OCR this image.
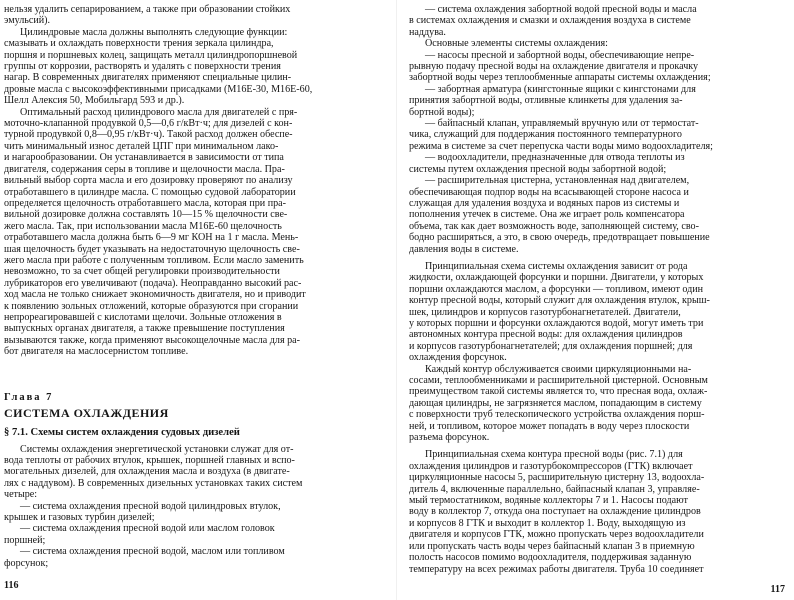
нельзя удалить сепарированием, а также при образовании стойких
эмульсий).

Цилиндровые масла должны выполнять следующие функции:
смазывать и охлаждать поверхности трения зеркала цилиндра,
поршня и поршневых колец, защищать металл цилиндропоршневой
группы от коррозии, растворять и удалять с поверхности трения
нагар. В современных двигателях применяют специальные цилин-
дровые масла с высокоэффективными присадками (М16Е-30, М16Е-60,
Шелл Алексия 50, Мобильгард 593 и др.).

Оптимальный расход цилиндрового масла для двигателей с пря-
моточно-клапанной продувкой 0,5—0,6 г/кВт·ч; для дизелей с кон-
турной продувкой 0,8—0,95 г/кВт·ч). Такой расход должен обеспе-
чить минимальный износ деталей ЦПГ при минимальном лако-
и нагарообразовании. Он устанавливается в зависимости от типа
двигателя, содержания серы в топливе и щелочности масла. Пра-
вильный выбор сорта масла и его дозировку проверяют по анализу
отработавшего в цилиндре масла. С помощью судовой лаборатории
определяется щелочность отработавшего масла, которая при пра-
вильной дозировке должна составлять 10—15 % щелочности све-
жего масла. Так, при использовании масла М16Е-60 щелочность
отработавшего масла должна быть 6—9 мг КОН на 1 г масла. Мень-
шая щелочность будет указывать на недостаточную щелочность све-
жего масла при работе с полученным топливом. Если масло заменить
невозможно, то за счет общей регулировки производительности
лубрикаторов его увеличивают (подача). Неоправданно высокий рас-
ход масла не только снижает экономичность двигателя, но и приводит
к появлению зольных отложений, которые образуются при сгорании
непрореагировавшей с кислотами щелочи. Зольные отложения в
выпускных органах двигателя, а также превышение поступления
вызываются также, когда применяют высокощелочные масла для ра-
бот двигателя на маслосернистом топливе.

Глава 7
СИСТЕМА ОХЛАЖДЕНИЯ
§ 7.1. Схемы систем охлаждения судовых дизелей

Системы охлаждения энергетической установки служат для от-
вода теплоты от рабочих втулок, крышек, поршней главных и вспо-
могательных дизелей, для охлаждения масла и воздуха (в двигате-
лях с наддувом). В современных дизельных установках таких систем
четыре:

— система охлаждения пресной водой цилиндровых втулок,
крышек и газовых турбин дизелей;

— система охлаждения пресной водой или маслом головок
поршней;

— система охлаждения пресной водой, маслом или топливом
форсунок;

116

— система охлаждения забортной водой пресной воды и масла
в системах охлаждения и смазки и охлаждения воздуха в системе
наддува.

Основные элементы системы охлаждения:

— насосы пресной и забортной воды, обеспечивающие непре-
рывную подачу пресной воды на охлаждение двигателя и прокачку
забортной воды через теплообменные аппараты системы охлаждения;

— забортная арматура (кингстонные ящики с кингстонами для
принятия забортной воды, отливные клинкеты для удаления за-
бортной воды);

— байпасный клапан, управляемый вручную или от термостат-
чика, служащий для поддержания постоянного температурного
режима в системе за счет перепуска части воды мимо водоохладителя;

— водоохладители, предназначенные для отвода теплоты из
системы путем охлаждения пресной воды забортной водой;

— расширительная цистерна, установленная над двигателем,
обеспечивающая подпор воды на всасывающей стороне насоса и
служащая для удаления воздуха и водяных паров из системы и
пополнения утечек в системе. Она же играет роль компенсатора
объема, так как дает возможность воде, заполняющей систему, сво-
бодно расширяться, а это, в свою очередь, предотвращает повышение
давления воды в системе.

Принципиальная схема системы охлаждения зависит от рода
жидкости, охлаждающей форсунки и поршни. Двигатели, у которых
поршни охлаждаются маслом, а форсунки — топливом, имеют один
контур пресной воды, который служит для охлаждения втулок, крыш-
шек, цилиндров и корпусов газотурбонагнетателей. Двигатели,
у которых поршни и форсунки охлаждаются водой, могут иметь три
автономных контура пресной воды: для охлаждения цилиндров
и корпусов газотурбонагнетателей; для охлаждения поршней; для
охлаждения форсунок.

Каждый контур обслуживается своими циркуляционными на-
сосами, теплообменниками и расширительной цистерной. Основным
преимуществом такой системы является то, что пресная вода, охлаж-
дающая цилиндры, не загрязняется маслом, попадающим в систему
с поверхности труб телескопического устройства охлаждения порш-
ней, и топливом, которое может попадать в воду через плоскости
разъема форсунок.

Принципиальная схема контура пресной воды (рис. 7.1) для
охлаждения цилиндров и газотурбокомпрессоров (ГТК) включает
циркуляционные насосы 5, расширительную цистерну 13, водоохла-
дитель 4, включенные параллельно, байпасный клапан 3, управляе-
мый термостатником, водяные коллекторы 7 и 1. Насосы подают
воду в коллектор 7, откуда она поступает на охлаждение цилиндров
и корпусов 8 ГТК и выходит в коллектор 1. Воду, выходящую из
двигателя и корпусов ГТК, можно пропускать через водоохладители
или пропускать часть воды через байпасный клапан 3 в приемную
полость насосов помимо водоохладителя, поддерживая заданную
температуру на всех режимах работы двигателя. Труба 10 соединяет

117
